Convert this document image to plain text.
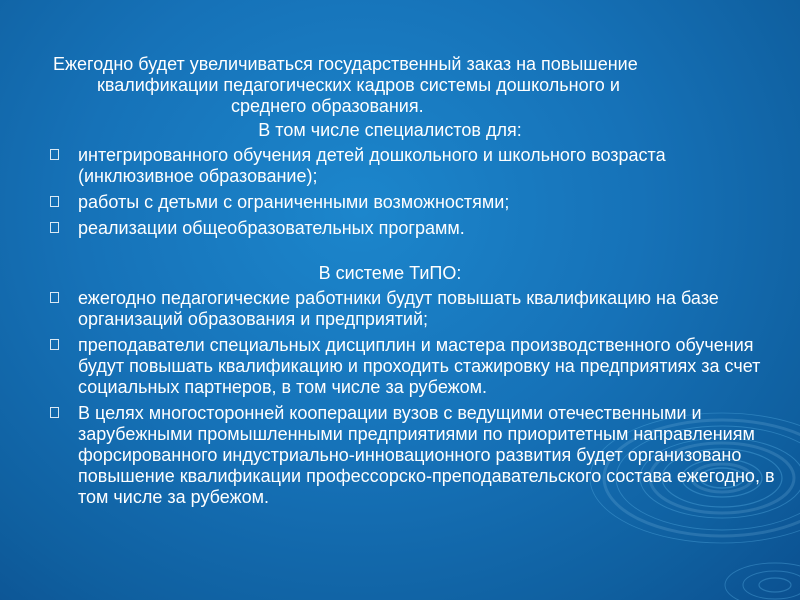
Ежегодно будет увеличиваться государственный заказ на повышение
квалификации педагогических кадров системы дошкольного и
среднего образования.
В том числе специалистов для:
интегрированного обучения детей дошкольного и школьного возраста (инклюзивное образование);
работы с детьми с ограниченными возможностями;
реализации общеобразовательных программ.
В системе ТиПО:
ежегодно педагогические работники будут повышать квалификацию на базе организаций образования и предприятий;
преподаватели специальных дисциплин и мастера производственного обучения будут повышать квалификацию и проходить стажировку на предприятиях за счет социальных партнеров, в том числе за рубежом.
В целях многосторонней кооперации вузов с ведущими отечественными и зарубежными промышленными предприятиями по приоритетным направлениям форсированного индустриально-инновационного развития будет организовано повышение квалификации профессорско-преподавательского состава ежегодно, в том числе за рубежом.
